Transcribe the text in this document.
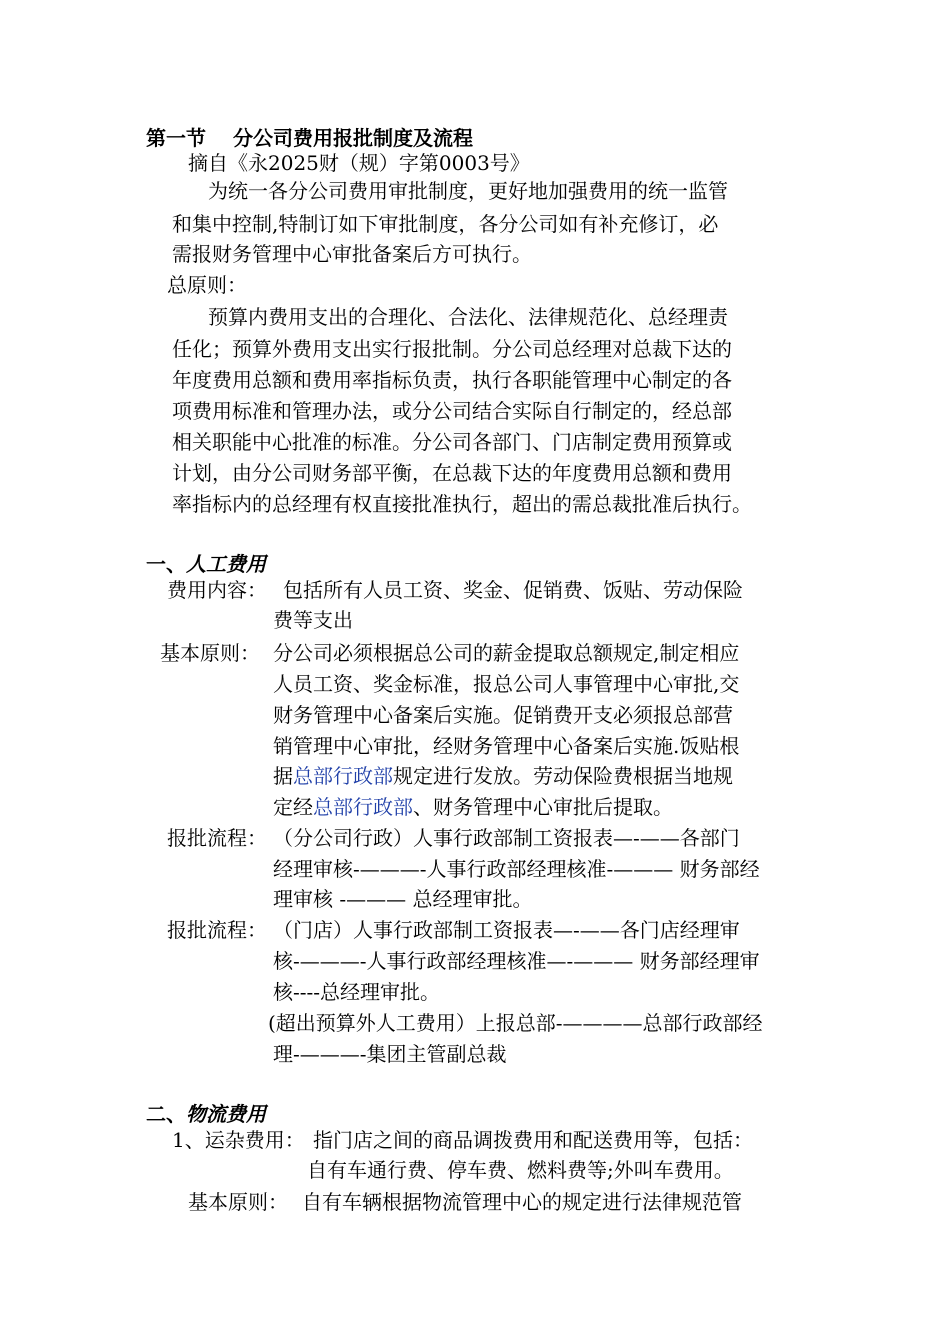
第一节　 分公司费用报批制度及流程
摘自《永2025财（规）字第0003号》
为统一各分公司费用审批制度，更好地加强费用的统一监管
和集中控制,特制订如下审批制度，各分公司如有补充修订，必
需报财务管理中心审批备案后方可执行。
总原则：
预算内费用支出的合理化、合法化、法律规范化、总经理责
任化；预算外费用支出实行报批制。分公司总经理对总裁下达的
年度费用总额和费用率指标负责，执行各职能管理中心制定的各
项费用标准和管理办法，或分公司结合实际自行制定的，经总部
相关职能中心批准的标准。分公司各部门、门店制定费用预算或
计划，由分公司财务部平衡，在总裁下达的年度费用总额和费用
率指标内的总经理有权直接批准执行，超出的需总裁批准后执行。
一、人工费用
费用内容： 包括所有人员工资、奖金、促销费、饭贴、劳动保险
费等支出
基本原则： 分公司必须根据总公司的薪金提取总额规定,制定相应
人员工资、奖金标准，报总公司人事管理中心审批,交
财务管理中心备案后实施。促销费开支必须报总部营
销管理中心审批，经财务管理中心备案后实施.饭贴根
据总部行政部规定进行发放。劳动保险费根据当地规
定经总部行政部、财务管理中心审批后提取。
报批流程： （分公司行政）人事行政部制工资报表—-——各部门
经理审核-———-人事行政部经理核准-——— 财务部经
理审核 -——— 总经理审批。
报批流程： （门店）人事行政部制工资报表—-——各门店经理审
核-———-人事行政部经理核准—-——— 财务部经理审
核----总经理审批。
(超出预算外人工费用）上报总部-————总部行政部经
理-———-集团主管副总裁
二、物流费用
1、运杂费用： 指门店之间的商品调拨费用和配送费用等，包括：
自有车通行费、停车费、燃料费等;外叫车费用。
基本原则： 自有车辆根据物流管理中心的规定进行法律规范管
